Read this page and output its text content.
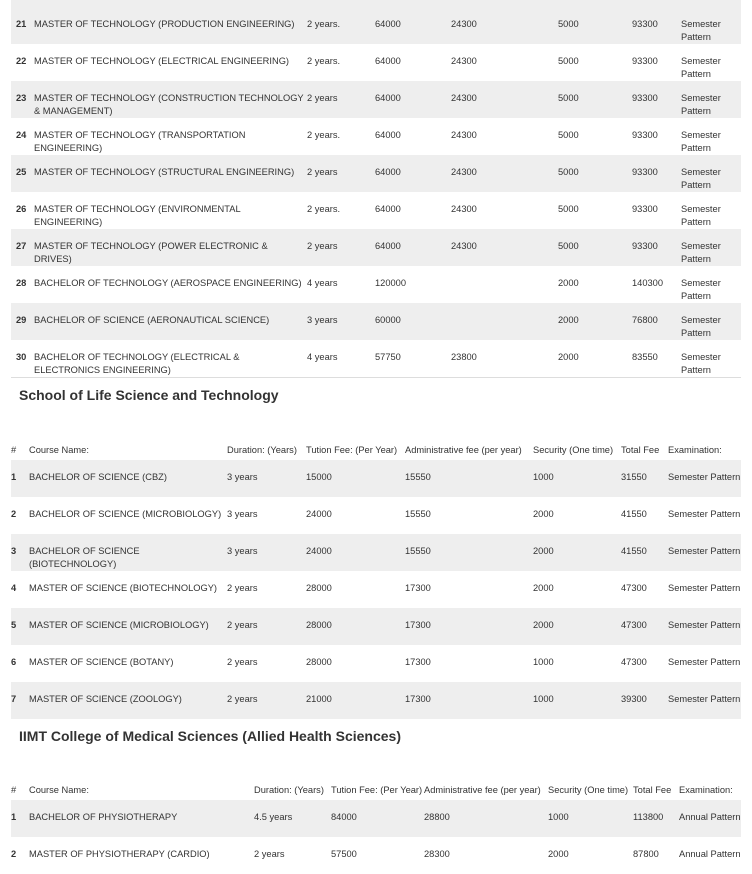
21	MASTER OF TECHNOLOGY (PRODUCTION ENGINEERING)	2 years.	64000	24300	5000	93300	Semester Pattern
22	MASTER OF TECHNOLOGY (ELECTRICAL ENGINEERING)	2 years.	64000	24300	5000	93300	Semester Pattern
23	MASTER OF TECHNOLOGY (CONSTRUCTION TECHNOLOGY & MANAGEMENT)	2 years	64000	24300	5000	93300	Semester Pattern
24	MASTER OF TECHNOLOGY (TRANSPORTATION ENGINEERING)	2 years.	64000	24300	5000	93300	Semester Pattern
25	MASTER OF TECHNOLOGY (STRUCTURAL ENGINEERING)	2 years	64000	24300	5000	93300	Semester Pattern
26	MASTER OF TECHNOLOGY (ENVIRONMENTAL ENGINEERING)	2 years.	64000	24300	5000	93300	Semester Pattern
27	MASTER OF TECHNOLOGY (POWER ELECTRONIC & DRIVES)	2 years	64000	24300	5000	93300	Semester Pattern
28	BACHELOR OF TECHNOLOGY (AEROSPACE ENGINEERING)	4 years	120000		2000	140300	Semester Pattern
29	BACHELOR OF SCIENCE (AERONAUTICAL SCIENCE)	3 years	60000		2000	76800	Semester Pattern
30	BACHELOR OF TECHNOLOGY (ELECTRICAL & ELECTRONICS ENGINEERING)	4 years	57750	23800	2000	83550	Semester Pattern
School of Life Science and Technology
#	Course Name:	Duration: (Years)	Tution Fee: (Per Year)	Administrative fee (per year)	Security (One time)	Total Fee	Examination:
1	BACHELOR OF SCIENCE (CBZ)	3 years	15000	15550	1000	31550	Semester Pattern
2	BACHELOR OF SCIENCE (MICROBIOLOGY)	3 years	24000	15550	2000	41550	Semester Pattern
3	BACHELOR OF SCIENCE (BIOTECHNOLOGY)	3 years	24000	15550	2000	41550	Semester Pattern
4	MASTER OF SCIENCE (BIOTECHNOLOGY)	2 years	28000	17300	2000	47300	Semester Pattern
5	MASTER OF SCIENCE (MICROBIOLOGY)	2 years	28000	17300	2000	47300	Semester Pattern
6	MASTER OF SCIENCE (BOTANY)	2 years	28000	17300	1000	47300	Semester Pattern
7	MASTER OF SCIENCE (ZOOLOGY)	2 years	21000	17300	1000	39300	Semester Pattern
IIMT College of Medical Sciences (Allied Health Sciences)
#	Course Name:	Duration: (Years)	Tution Fee: (Per Year)	Administrative fee (per year)	Security (One time)	Total Fee	Examination:
1	BACHELOR OF PHYSIOTHERAPY	4.5 years	84000	28800	1000	113800	Annual Pattern
2	MASTER OF PHYSIOTHERAPY (CARDIO)	2 years	57500	28300	2000	87800	Annual Pattern
